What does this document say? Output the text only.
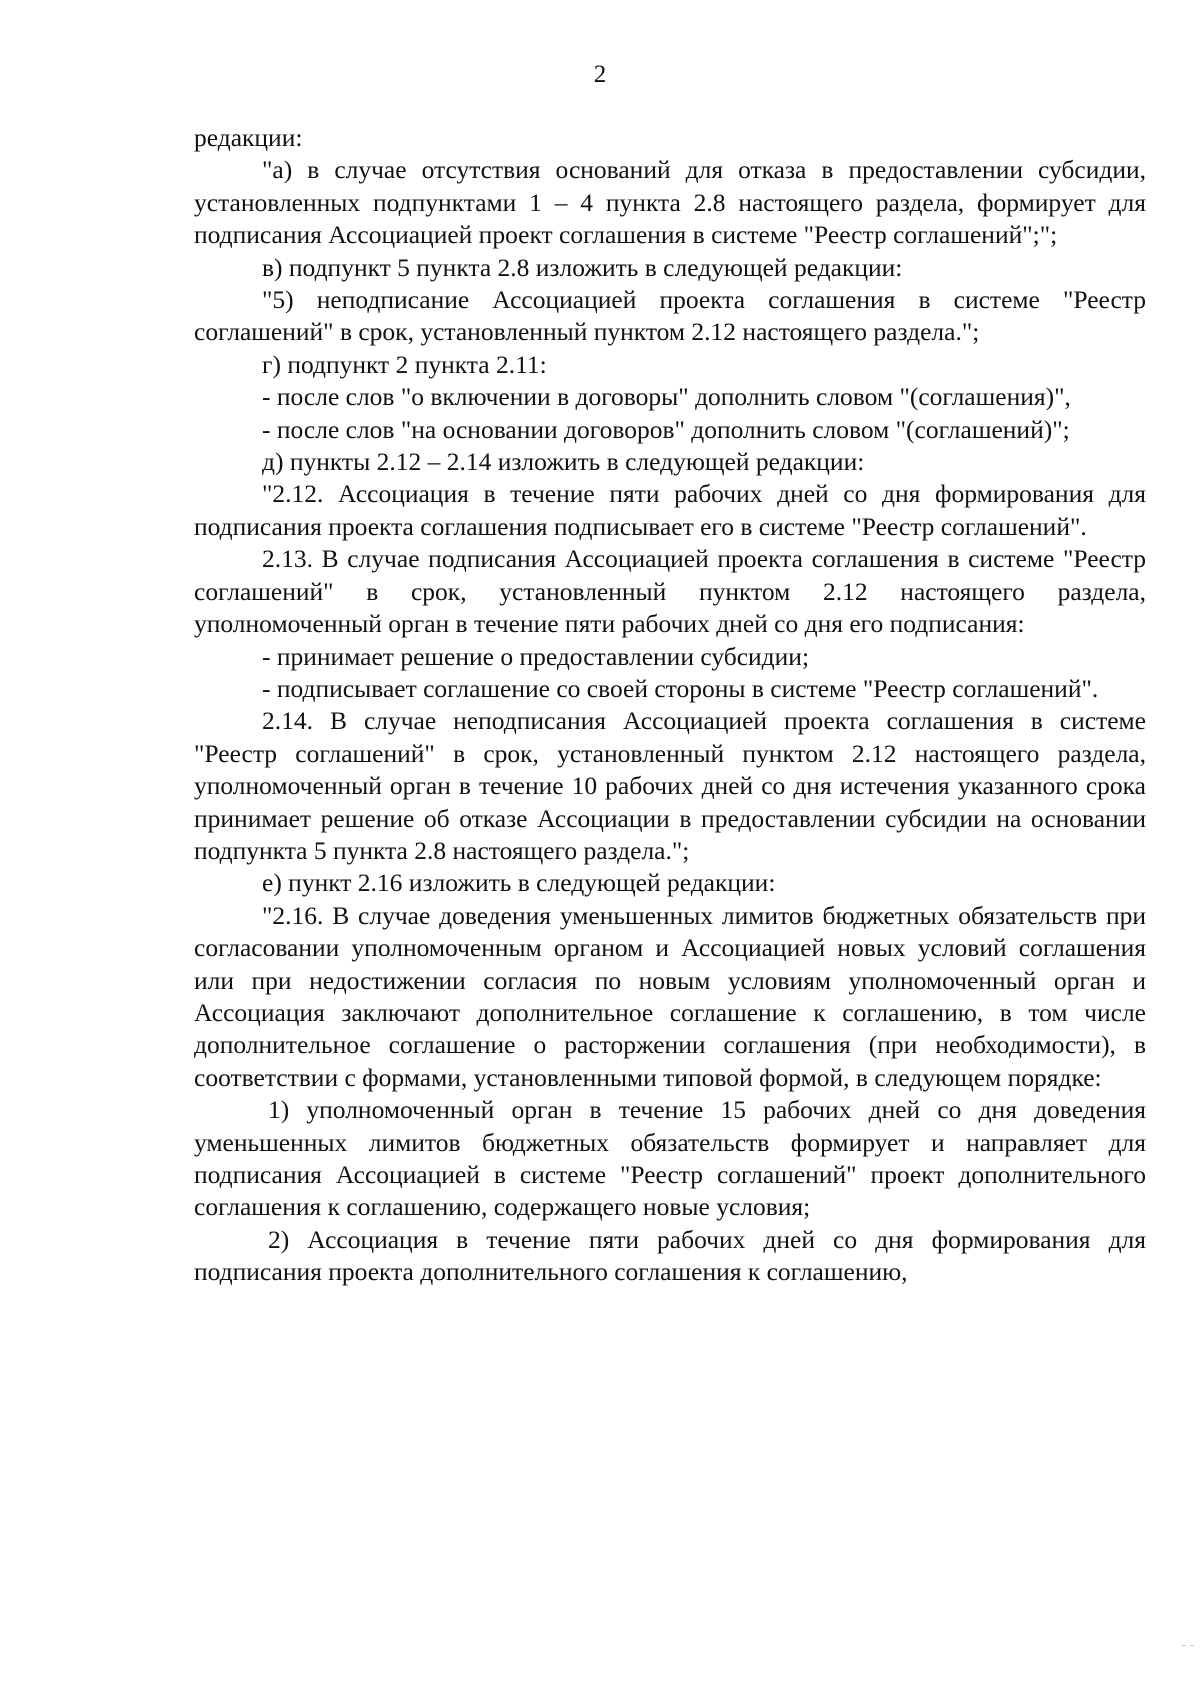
2

редакции:

"а) в случае отсутствия оснований для отказа в предоставлении субсидии, установленных подпунктами 1 – 4 пункта 2.8 настоящего раздела, формирует для подписания Ассоциацией проект соглашения в системе "Реестр соглашений";";

в) подпункт 5 пункта 2.8 изложить в следующей редакции:

"5) неподписание Ассоциацией проекта соглашения в системе "Реестр соглашений" в срок, установленный пунктом 2.12 настоящего раздела.";

г) подпункт 2 пункта 2.11:

- после слов "о включении в договоры" дополнить словом "(соглашения)",

- после слов "на основании договоров" дополнить словом "(соглашений)";

д) пункты 2.12 – 2.14 изложить в следующей редакции:

"2.12. Ассоциация в течение пяти рабочих дней со дня формирования для подписания проекта соглашения подписывает его в системе "Реестр соглашений".

2.13. В случае подписания Ассоциацией проекта соглашения в системе "Реестр соглашений" в срок, установленный пунктом 2.12 настоящего раздела, уполномоченный орган в течение пяти рабочих дней со дня его подписания:

- принимает решение о предоставлении субсидии;

- подписывает соглашение со своей стороны в системе "Реестр соглашений".

2.14. В случае неподписания Ассоциацией проекта соглашения в системе "Реестр соглашений" в срок, установленный пунктом 2.12 настоящего раздела, уполномоченный орган в течение 10 рабочих дней со дня истечения указанного срока принимает решение об отказе Ассоциации в предоставлении субсидии на основании подпункта 5 пункта 2.8 настоящего раздела.";

е) пункт 2.16 изложить в следующей редакции:

"2.16. В случае доведения уменьшенных лимитов бюджетных обязательств при согласовании уполномоченным органом и Ассоциацией новых условий соглашения или при недостижении согласия по новым условиям уполномоченный орган и Ассоциация заключают дополнительное соглашение к соглашению, в том числе дополнительное соглашение о расторжении соглашения (при необходимости), в соответствии с формами, установленными типовой формой, в следующем порядке:

1) уполномоченный орган в течение 15 рабочих дней со дня доведения уменьшенных лимитов бюджетных обязательств формирует и направляет для подписания Ассоциацией в системе "Реестр соглашений" проект дополнительного соглашения к соглашению, содержащего новые условия;

2) Ассоциация в течение пяти рабочих дней со дня формирования для подписания проекта дополнительного соглашения к соглашению,

- -
